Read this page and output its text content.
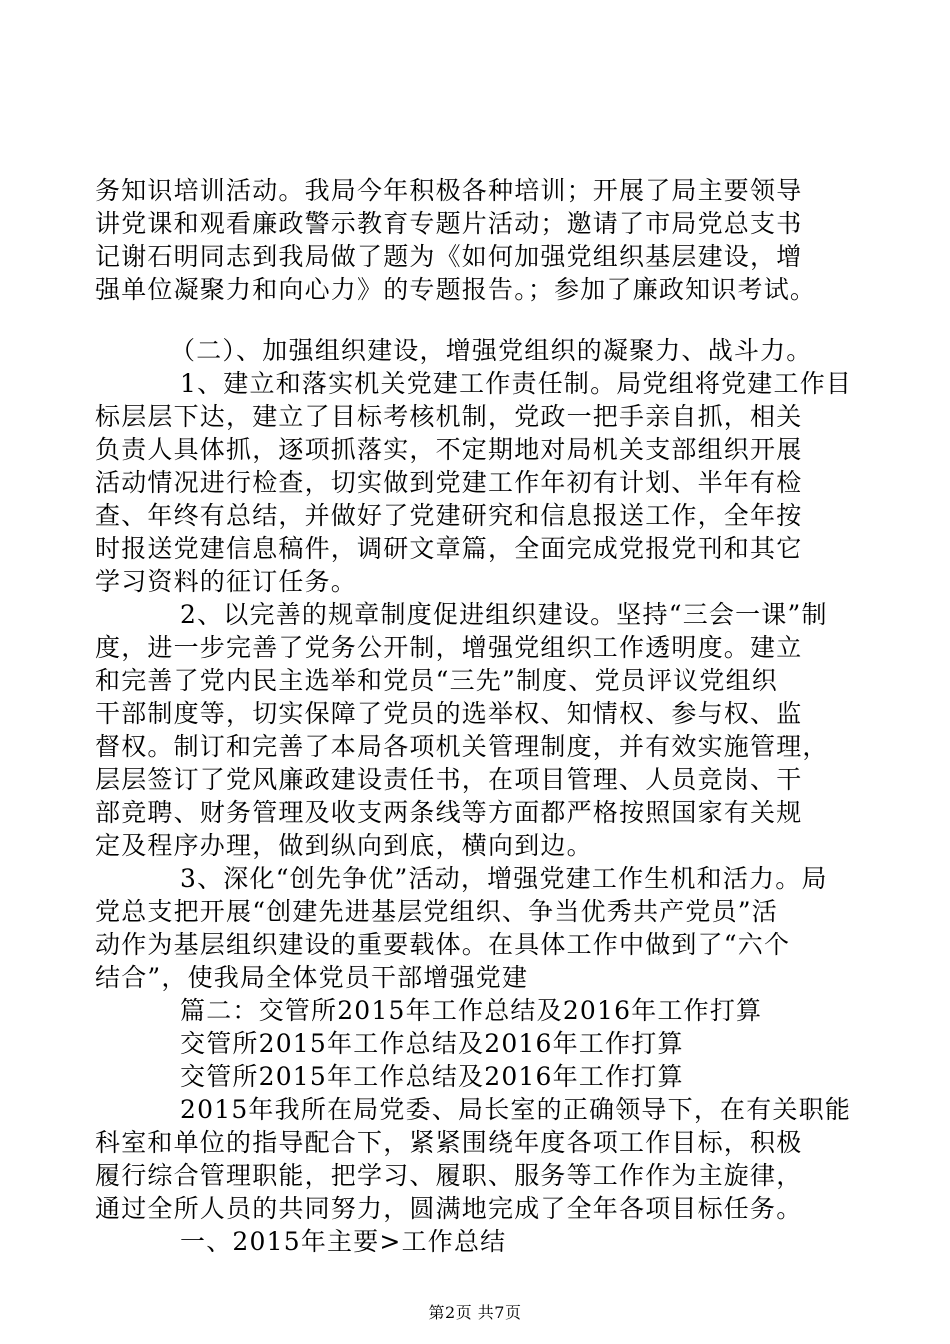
务知识培训活动。我局今年积极各种培训；开展了局主要领导
讲党课和观看廉政警示教育专题片活动；邀请了市局党总支书
记谢石明同志到我局做了题为《如何加强党组织基层建设，增
强单位凝聚力和向心力》的专题报告。；参加了廉政知识考试。
（二）、加强组织建设，增强党组织的凝聚力、战斗力。
1、建立和落实机关党建工作责任制。局党组将党建工作目
标层层下达，建立了目标考核机制，党政一把手亲自抓，相关
负责人具体抓，逐项抓落实，不定期地对局机关支部组织开展
活动情况进行检查，切实做到党建工作年初有计划、半年有检
查、年终有总结，并做好了党建研究和信息报送工作，全年按
时报送党建信息稿件，调研文章篇，全面完成党报党刊和其它
学习资料的征订任务。
2、以完善的规章制度促进组织建设。坚持“三会一课”制
度，进一步完善了党务公开制，增强党组织工作透明度。建立
和完善了党内民主选举和党员“三先”制度、党员评议党组织
干部制度等，切实保障了党员的选举权、知情权、参与权、监
督权。制订和完善了本局各项机关管理制度，并有效实施管理，
层层签订了党风廉政建设责任书，在项目管理、人员竞岗、干
部竞聘、财务管理及收支两条线等方面都严格按照国家有关规
定及程序办理，做到纵向到底，横向到边。
3、深化“创先争优”活动，增强党建工作生机和活力。局
党总支把开展“创建先进基层党组织、争当优秀共产党员”活
动作为基层组织建设的重要载体。在具体工作中做到了“六个
结合”，使我局全体党员干部增强党建
篇二：交管所2015年工作总结及2016年工作打算
交管所2015年工作总结及2016年工作打算
交管所2015年工作总结及2016年工作打算
2015年我所在局党委、局长室的正确领导下，在有关职能
科室和单位的指导配合下，紧紧围绕年度各项工作目标，积极
履行综合管理职能，把学习、履职、服务等工作作为主旋律，
通过全所人员的共同努力，圆满地完成了全年各项目标任务。
一、2015年主要>工作总结
第2页 共7页
